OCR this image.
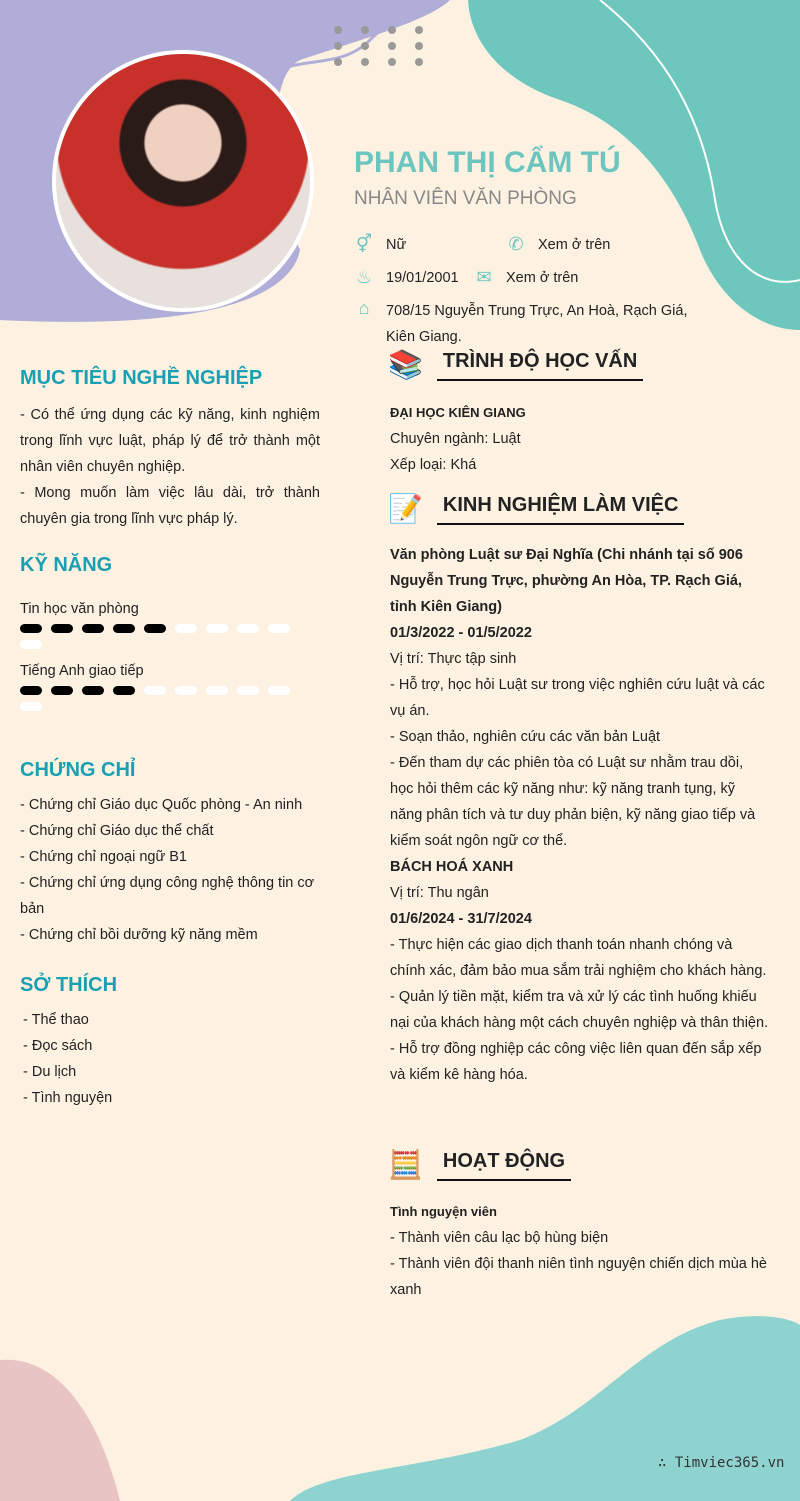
PHAN THỊ CẨM TÚ
NHÂN VIÊN VĂN PHÒNG
⚥ Nữ	✆ Xem ở trên
♨ 19/01/2001 ✉ Xem ở trên
⌂	708/15 Nguyễn Trung Trực, An Hoà, Rạch Giá,
Kiên Giang.
MỤC TIÊU NGHỀ NGHIỆP
- Có thể ứng dụng các kỹ năng, kinh nghiệm trong lĩnh vực luật, pháp lý để trở thành một nhân viên chuyên nghiệp.
- Mong muốn làm việc lâu dài, trở thành chuyên gia trong lĩnh vực pháp lý.
KỸ NĂNG
Tin học văn phòng
Tiếng Anh giao tiếp
CHỨNG CHỈ
- Chứng chỉ Giáo dục Quốc phòng - An ninh
- Chứng chỉ Giáo dục thể chất
- Chứng chỉ ngoại ngữ B1
- Chứng chỉ ứng dụng công nghệ thông tin cơ bản
- Chứng chỉ bồi dưỡng kỹ năng mềm
SỞ THÍCH
- Thể thao
- Đọc sách
- Du lịch
- Tình nguyện
📚	TRÌNH ĐỘ HỌC VẤN
ĐẠI HỌC KIÊN GIANG
Chuyên ngành: Luật
Xếp loại: Khá
📝	KINH NGHIỆM LÀM VIỆC
Văn phòng Luật sư Đại Nghĩa (Chi nhánh tại số 906 Nguyễn Trung Trực, phường An Hòa, TP. Rạch Giá, tỉnh Kiên Giang)
01/3/2022 - 01/5/2022
Vị trí: Thực tập sinh
- Hỗ trợ, học hỏi Luật sư trong việc nghiên cứu luật và các vụ án.
- Soạn thảo, nghiên cứu các văn bản Luật
- Đến tham dự các phiên tòa có Luật sư nhằm trau dồi, học hỏi thêm các kỹ năng như: kỹ năng tranh tụng, kỹ năng phân tích và tư duy phản biện, kỹ năng giao tiếp và kiểm soát ngôn ngữ cơ thể.
BÁCH HOÁ XANH
Vị trí: Thu ngân
01/6/2024 - 31/7/2024
- Thực hiện các giao dịch thanh toán nhanh chóng và chính xác, đảm bảo mua sắm trải nghiệm cho khách hàng.
- Quản lý tiền mặt, kiểm tra và xử lý các tình huống khiếu nại của khách hàng một cách chuyên nghiệp và thân thiện.
- Hỗ trợ đồng nghiệp các công việc liên quan đến sắp xếp và kiểm kê hàng hóa.
🧮	HOẠT ĐỘNG
Tình nguyện viên
- Thành viên câu lạc bộ hùng biện
- Thành viên đội thanh niên tình nguyện chiến dịch mùa hè xanh
∴ Timviec365.vn
